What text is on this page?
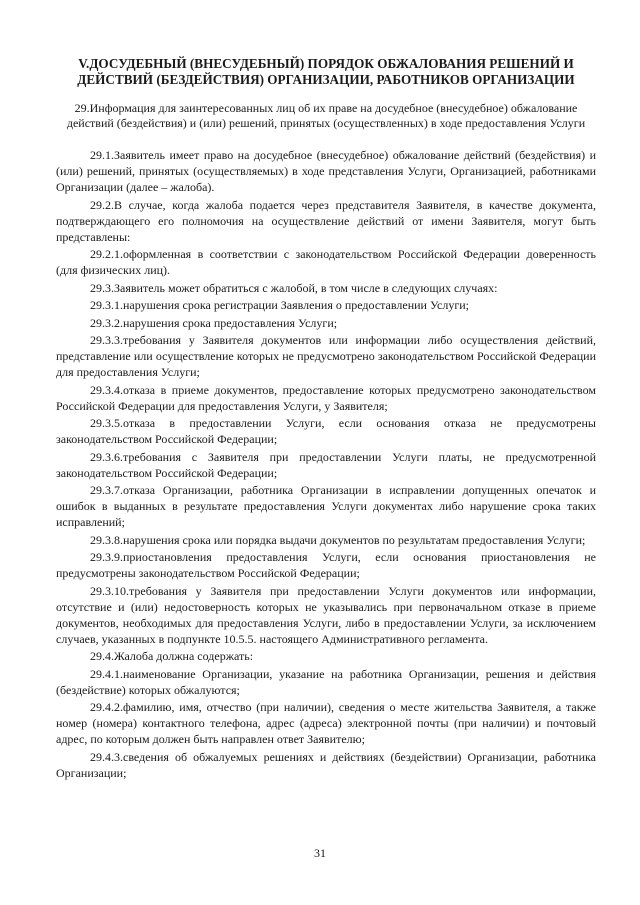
V.ДОСУДЕБНЫЙ (ВНЕСУДЕБНЫЙ) ПОРЯДОК ОБЖАЛОВАНИЯ РЕШЕНИЙ И ДЕЙСТВИЙ (БЕЗДЕЙСТВИЯ) ОРГАНИЗАЦИИ, РАБОТНИКОВ ОРГАНИЗАЦИИ
29.Информация для заинтересованных лиц об их праве на досудебное (внесудебное) обжалование действий (бездействия) и (или) решений, принятых (осуществленных) в ходе предоставления Услуги

29.1.Заявитель имеет право на досудебное (внесудебное) обжалование действий (бездействия) и (или) решений, принятых (осуществляемых) в ходе представления Услуги, Организацией, работниками Организации (далее – жалоба).

29.2.В случае, когда жалоба подается через представителя Заявителя, в качестве документа, подтверждающего его полномочия на осуществление действий от имени Заявителя, могут быть представлены:

29.2.1.оформленная в соответствии с законодательством Российской Федерации доверенность (для физических лиц).

29.3.Заявитель может обратиться с жалобой, в том числе в следующих случаях:

29.3.1.нарушения срока регистрации Заявления о предоставлении Услуги;

29.3.2.нарушения срока предоставления Услуги;

29.3.3.требования у Заявителя документов или информации либо осуществления действий, представление или осуществление которых не предусмотрено законодательством Российской Федерации для предоставления Услуги;

29.3.4.отказа в приеме документов, предоставление которых предусмотрено законодательством Российской Федерации для предоставления Услуги, у Заявителя;

29.3.5.отказа в предоставлении Услуги, если основания отказа не предусмотрены законодательством Российской Федерации;

29.3.6.требования с Заявителя при предоставлении Услуги платы, не предусмотренной законодательством Российской Федерации;

29.3.7.отказа Организации, работника Организации в исправлении допущенных опечаток и ошибок в выданных в результате предоставления Услуги документах либо нарушение срока таких исправлений;

29.3.8.нарушения срока или порядка выдачи документов по результатам предоставления Услуги;

29.3.9.приостановления предоставления Услуги, если основания приостановления не предусмотрены законодательством Российской Федерации;

29.3.10.требования у Заявителя при предоставлении Услуги документов или информации, отсутствие и (или) недостоверность которых не указывались при первоначальном отказе в приеме документов, необходимых для предоставления Услуги, либо в предоставлении Услуги, за исключением случаев, указанных в подпункте 10.5.5. настоящего Административного регламента.

29.4.Жалоба должна содержать:

29.4.1.наименование Организации, указание на работника Организации, решения и действия (бездействие) которых обжалуются;

29.4.2.фамилию, имя, отчество (при наличии), сведения о месте жительства Заявителя, а также номер (номера) контактного телефона, адрес (адреса) электронной почты (при наличии) и почтовый адрес, по которым должен быть направлен ответ Заявителю;

29.4.3.сведения об обжалуемых решениях и действиях (бездействии) Организации, работника Организации;

31
